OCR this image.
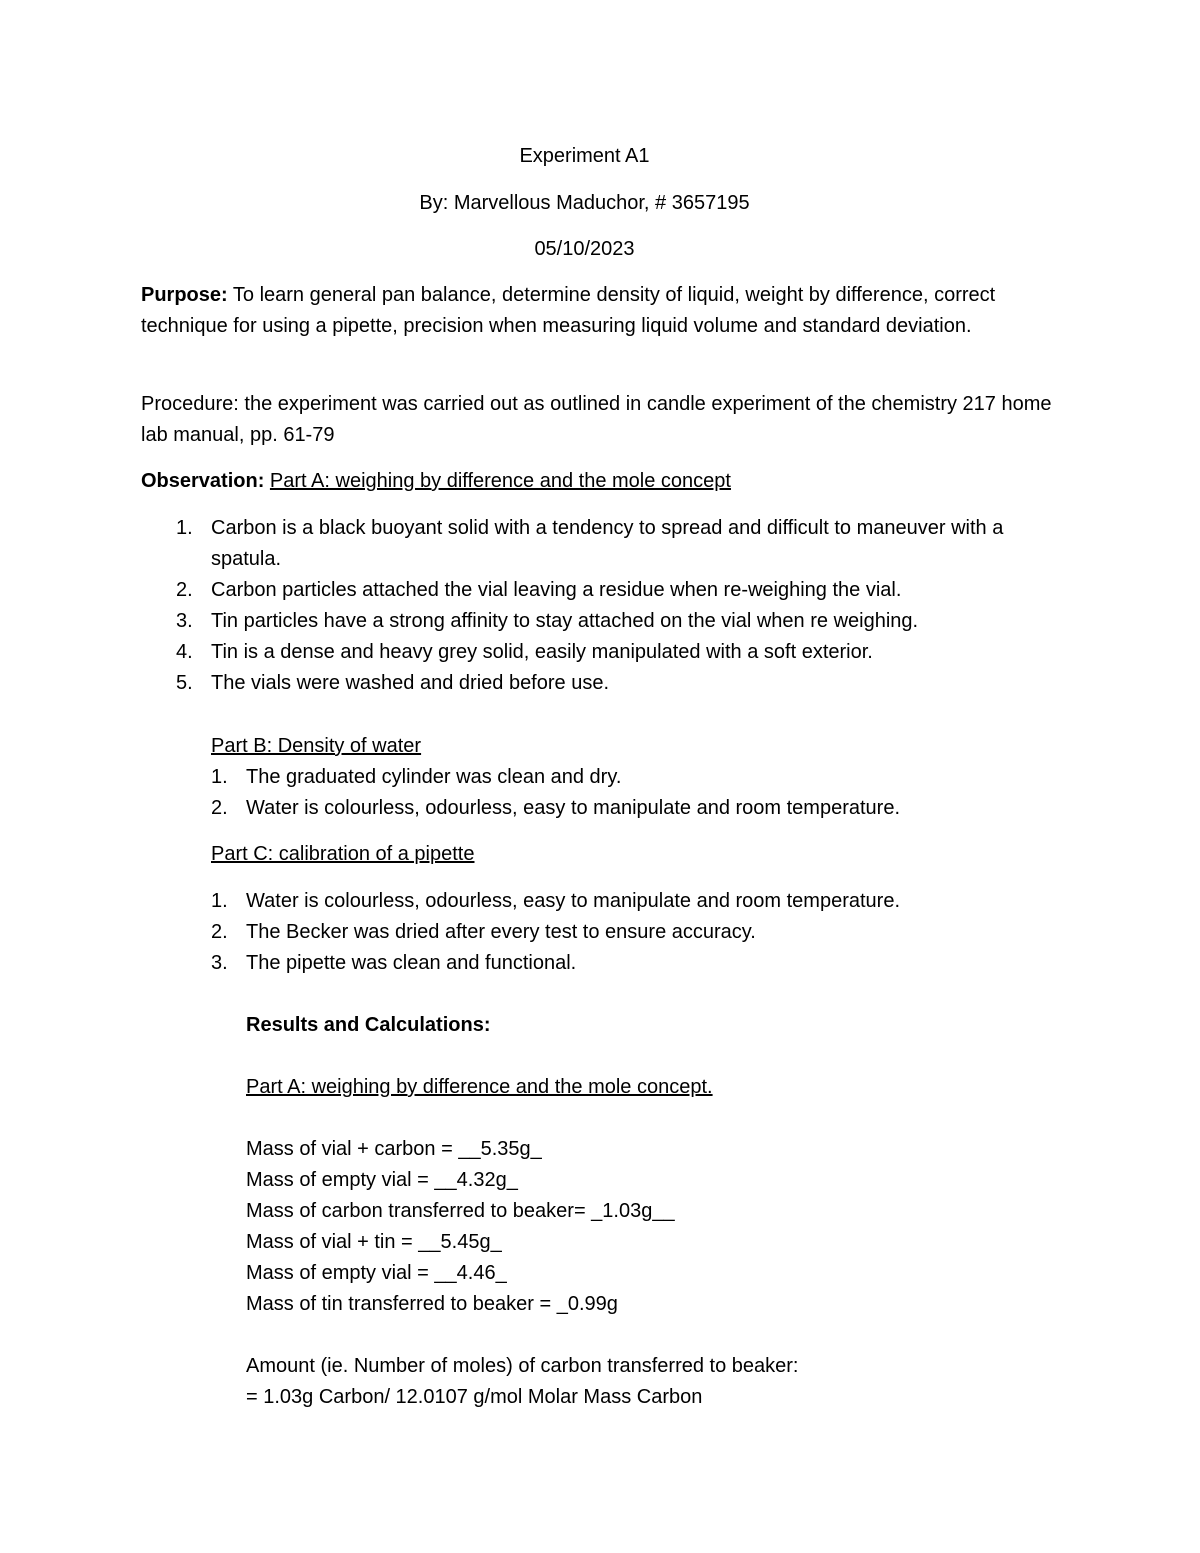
Experiment A1
By: Marvellous Maduchor, # 3657195
05/10/2023
Purpose: To learn general pan balance, determine density of liquid, weight by difference, correct technique for using a pipette, precision when measuring liquid volume and standard deviation.
Procedure: the experiment was carried out as outlined in candle experiment of the chemistry 217 home lab manual, pp. 61-79
Observation: Part A: weighing by difference and the mole concept
1. Carbon is a black buoyant solid with a tendency to spread and difficult to maneuver with a spatula.
2. Carbon particles attached the vial leaving a residue when re-weighing the vial.
3. Tin particles have a strong affinity to stay attached on the vial when re weighing.
4. Tin is a dense and heavy grey solid, easily manipulated with a soft exterior.
5. The vials were washed and dried before use.
Part B: Density of water
1. The graduated cylinder was clean and dry.
2. Water is colourless, odourless, easy to manipulate and room temperature.
Part C: calibration of a pipette
1. Water is colourless, odourless, easy to manipulate and room temperature.
2. The Becker was dried after every test to ensure accuracy.
3. The pipette was clean and functional.
Results and Calculations:
Part A: weighing by difference and the mole concept.
Mass of vial + carbon = __5.35g_
Mass of empty vial = __4.32g_
Mass of carbon transferred to beaker= _1.03g__
Mass of vial + tin = __5.45g_
Mass of empty vial = __4.46_
Mass of tin transferred to beaker = _0.99g
Amount (ie. Number of moles) of carbon transferred to beaker:
= 1.03g Carbon/ 12.0107 g/mol Molar Mass Carbon
